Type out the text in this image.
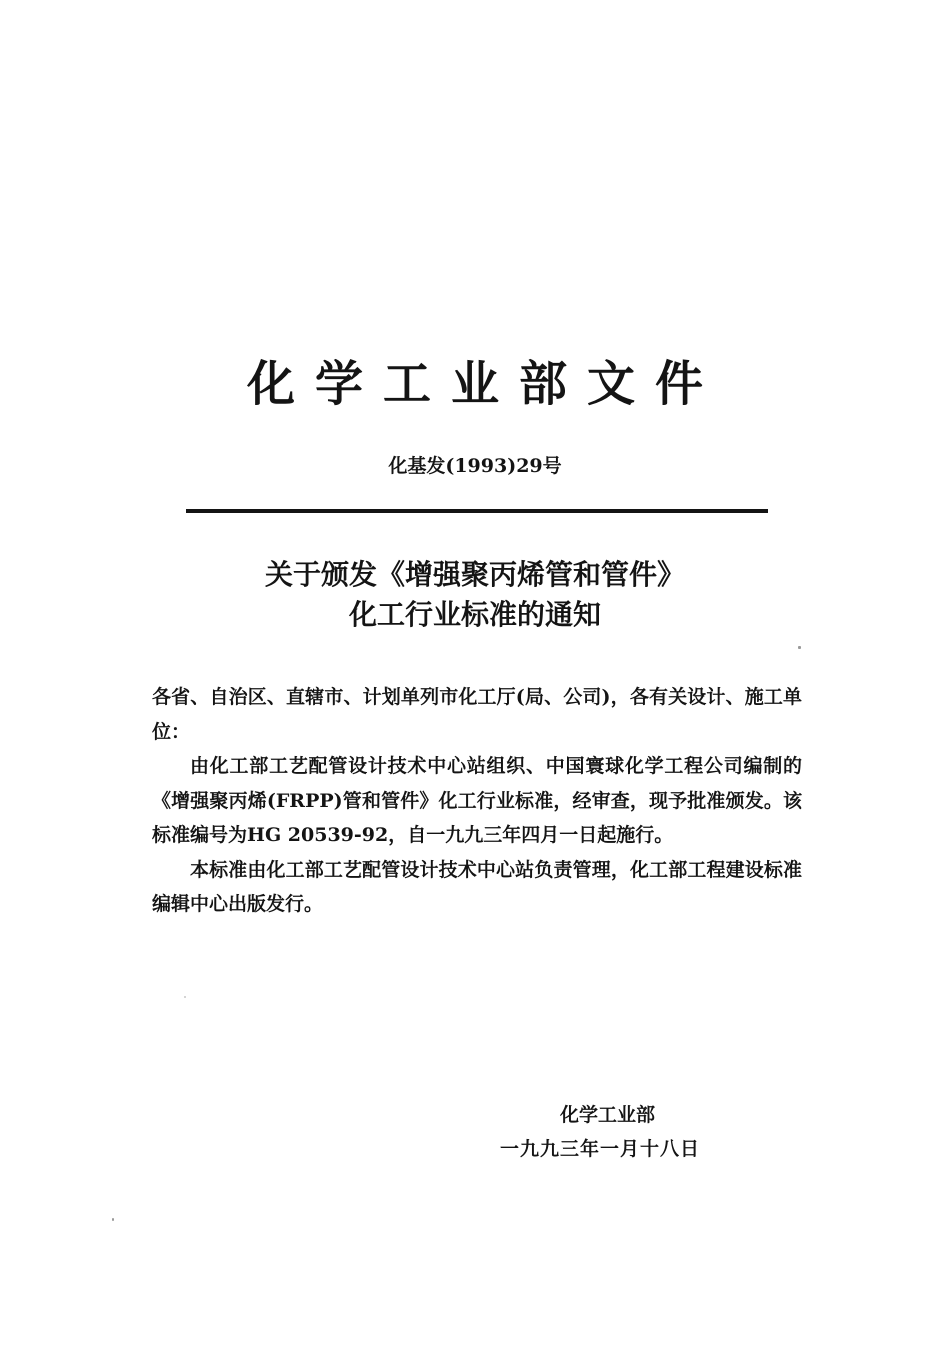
化学工业部文件
化基发(1993)29号
关于颁发《增强聚丙烯管和管件》
化工行业标准的通知

各省、自治区、直辖市、计划单列市化工厅(局、公司)，各有关设计、施工单位：

由化工部工艺配管设计技术中心站组织、中国寰球化学工程公司编制的《增强聚丙烯(FRPP)管和管件》化工行业标准，经审查，现予批准颁发。该标准编号为HG 20539-92，自一九九三年四月一日起施行。

本标准由化工部工艺配管设计技术中心站负责管理，化工部工程建设标准编辑中心出版发行。

化学工业部
一九九三年一月十八日
